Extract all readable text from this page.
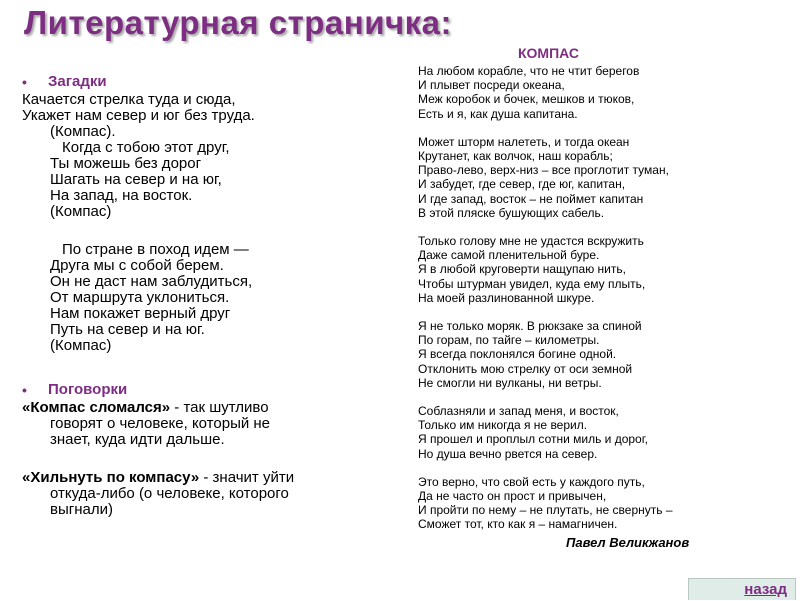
Литературная страничка:
•	Загадки
Качается стрелка туда и сюда,
Укажет нам север и юг без труда.
(Компас).
Когда с тобою этот друг,
Ты можешь без дорог
Шагать на север и на юг,
На запад, на восток.
(Компас)
По стране в поход идем —
Друга мы с собой берем.
Он не даст нам заблудиться,
От маршрута уклониться.
Нам покажет верный друг
Путь на север и на юг.
(Компас)
•	Поговорки
«Компас сломался» - так шутливо
говорят о человеке, который не
знает, куда идти дальше.
«Хильнуть по компасу» - значит уйти
откуда-либо (о человеке, которого
выгнали)
КОМПАС
На любом корабле, что не чтит берегов
И плывет посреди океана,
Меж коробок и бочек, мешков и тюков,
Есть и я, как душа капитана.
Может шторм налететь, и тогда океан
Крутанет, как волчок, наш корабль;
Право-лево, верх-низ – все проглотит туман,
И забудет, где север, где юг, капитан,
И где запад, восток – не поймет капитан
В этой пляске бушующих сабель.
Только голову мне не удастся вскружить
Даже самой пленительной буре.
Я в любой круговерти нащупаю нить,
Чтобы штурман увидел, куда ему плыть,
На моей разлинованной шкуре.
Я не только моряк. В рюкзаке за спиной
По горам, по тайге – километры.
Я всегда поклонялся богине одной.
Отклонить мою стрелку от оси земной
Не смогли ни вулканы, ни ветры.
Соблазняли и запад меня, и восток,
Только им никогда я не верил.
Я прошел и проплыл сотни миль и дорог,
Но душа вечно рвется на север.
Это верно, что свой есть у каждого путь,
Да не часто он прост и привычен,
И пройти по нему – не плутать, не свернуть –
Сможет тот, кто как я – намагничен.
Павел Великжанов
назад
